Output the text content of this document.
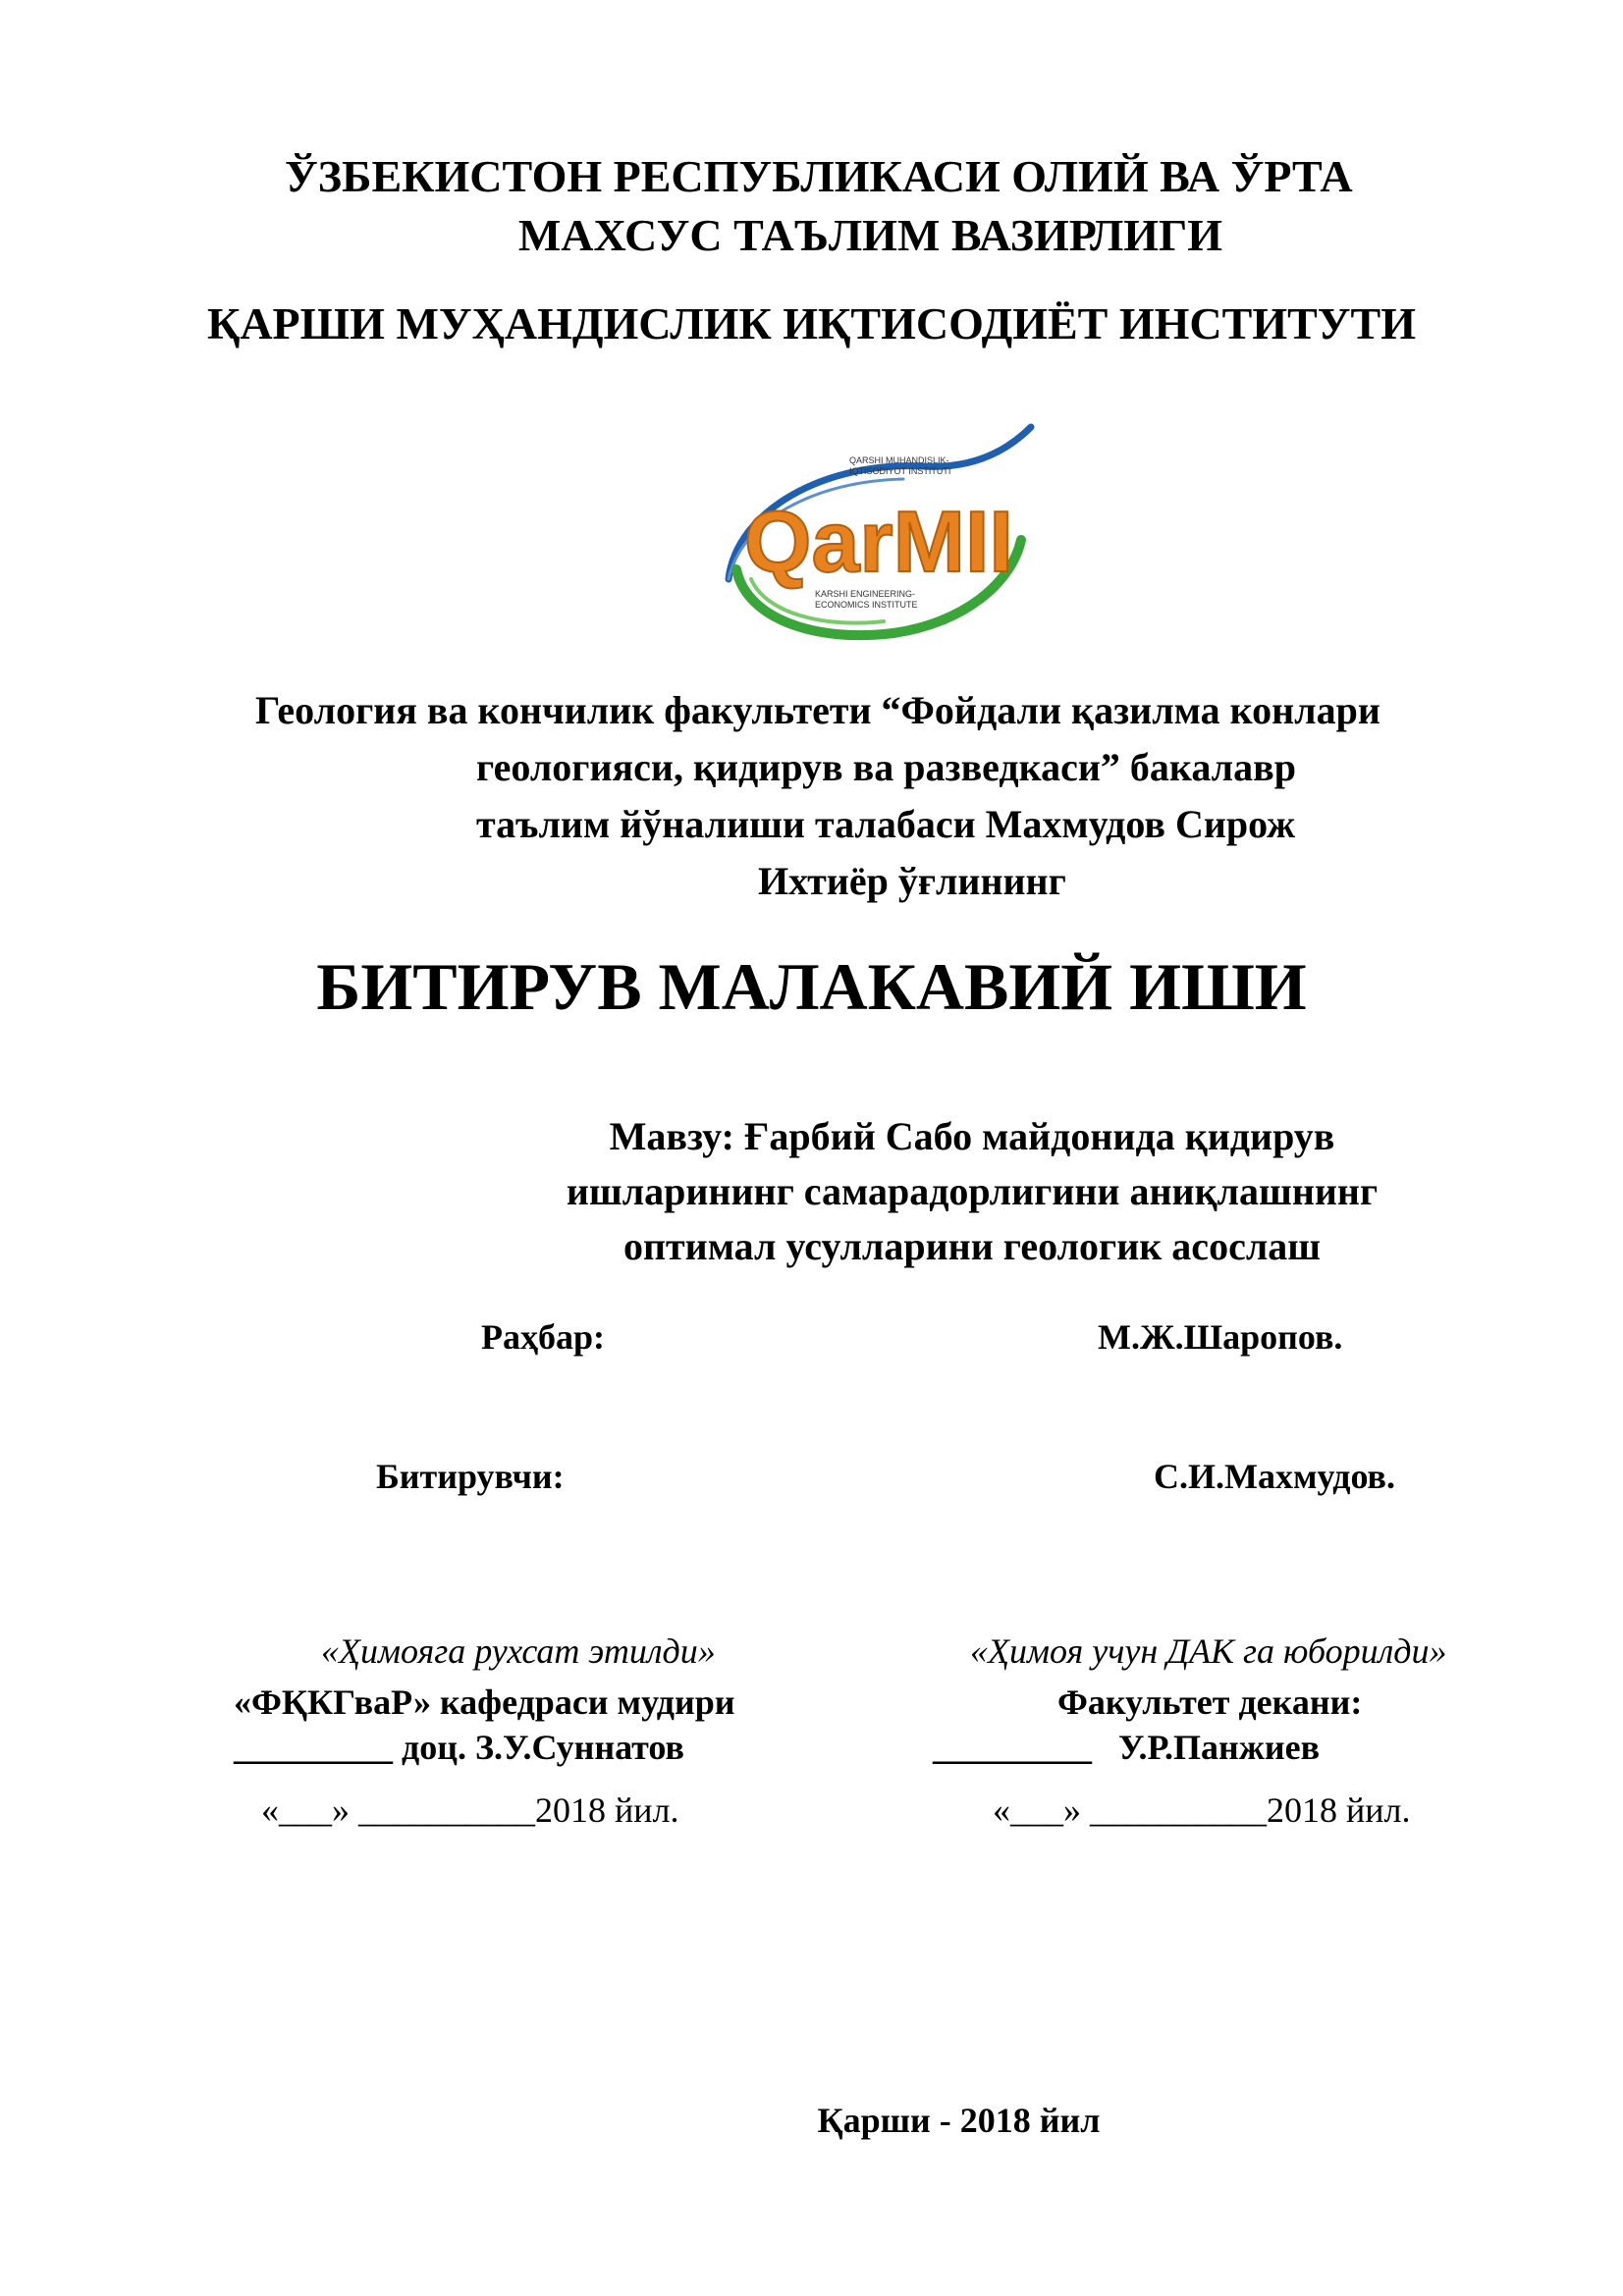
ЎЗБЕКИСТОН РЕСПУБЛИКАСИ ОЛИЙ ВА ЎРТА
МАХСУС ТАЪЛИМ ВАЗИРЛИГИ
ҚАРШИ МУҲАНДИСЛИК ИҚТИСОДИЁТ ИНСТИТУТИ
QARSHI MUHANDISLIK-
IQTISODIYOT INSTITUTI
QarMII
KARSHI ENGINEERING-
ECONOMICS INSTITUTE
Геология ва кончилик факультети “Фойдали қазилма конлари
геологияси, қидирув ва разведкаси” бакалавр
таълим йўналиши талабаси Махмудов Сирож
Ихтиёр ўғлининг
БИТИРУВ МАЛАКАВИЙ ИШИ
Мавзу: Ғарбий Сабо майдонида қидирув
ишларининг самарадорлигини аниқлашнинг
оптимал усулларини геологик асослаш
Раҳбар:	М.Ж.Шаропов.
Битирувчи:	С.И.Махмудов.
«Ҳимояга рухсат этилди»
«ФҚКГваР» кафедраси мудири
_________ доц. З.У.Суннатов
«___» __________2018 йил.
«Ҳимоя учун ДАК га юборилди»
Факультет декани:
_________   У.Р.Панжиев
«___» __________2018 йил.
Қарши - 2018 йил
